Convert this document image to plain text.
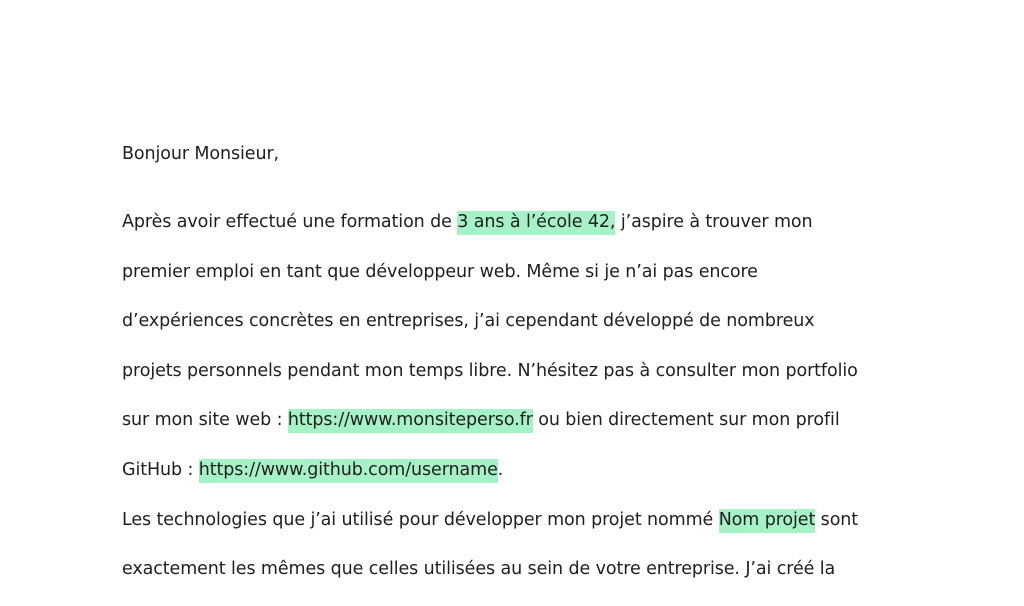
Bonjour Monsieur,
Après avoir effectué une formation de 3 ans à l’école 42, j’aspire à trouver mon
premier emploi en tant que développeur web. Même si je n’ai pas encore
d’expériences concrètes en entreprises, j’ai cependant développé de nombreux
projets personnels pendant mon temps libre. N’hésitez pas à consulter mon portfolio
sur mon site web : https://www.monsiteperso.fr ou bien directement sur mon profil
GitHub : https://www.github.com/username.
Les technologies que j’ai utilisé pour développer mon projet nommé Nom projet sont
exactement les mêmes que celles utilisées au sein de votre entreprise. J’ai créé la
